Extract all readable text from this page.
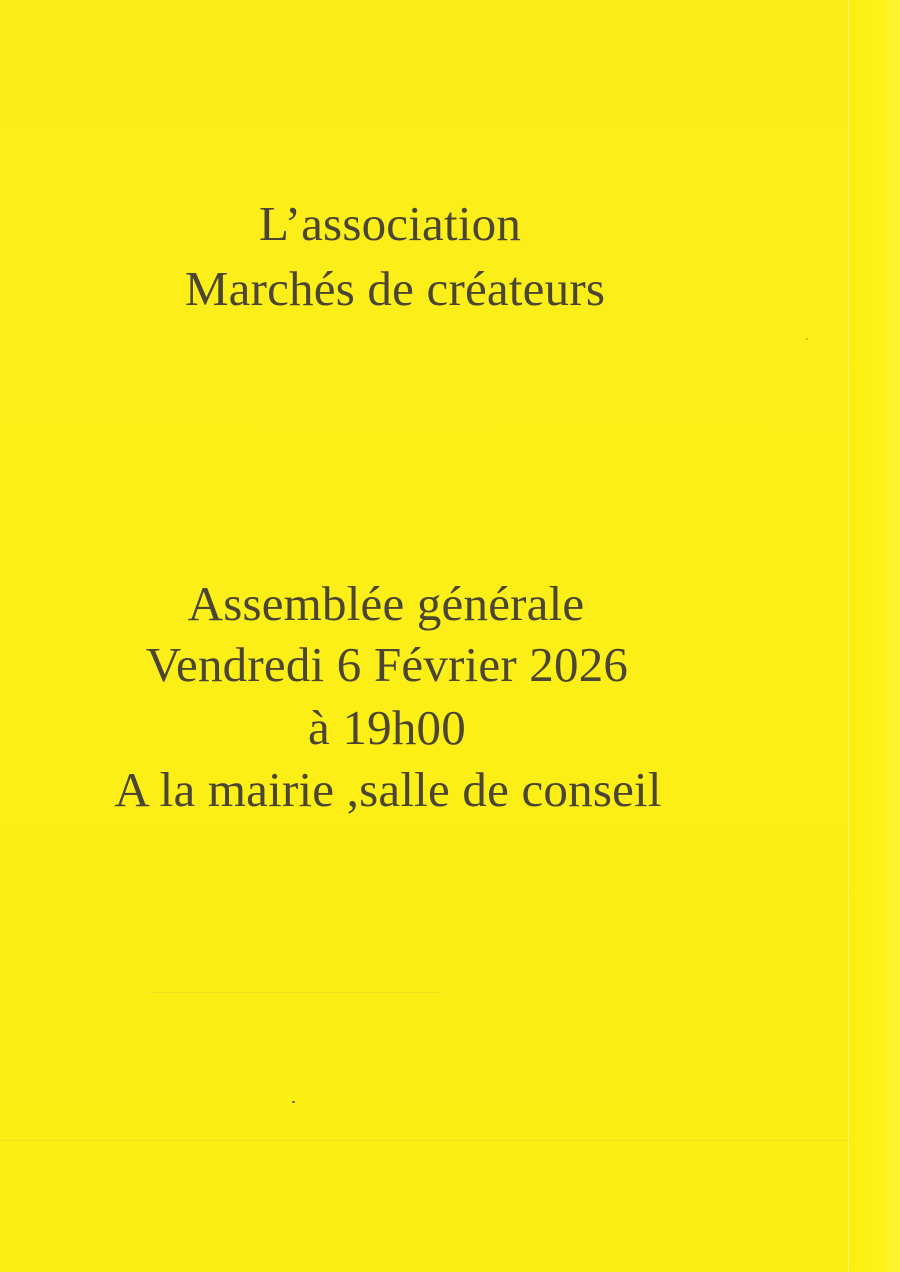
L’association

Marchés de créateurs

Assemblée générale

Vendredi 6 Février 2026

à 19h00

A la mairie ,salle de conseil
